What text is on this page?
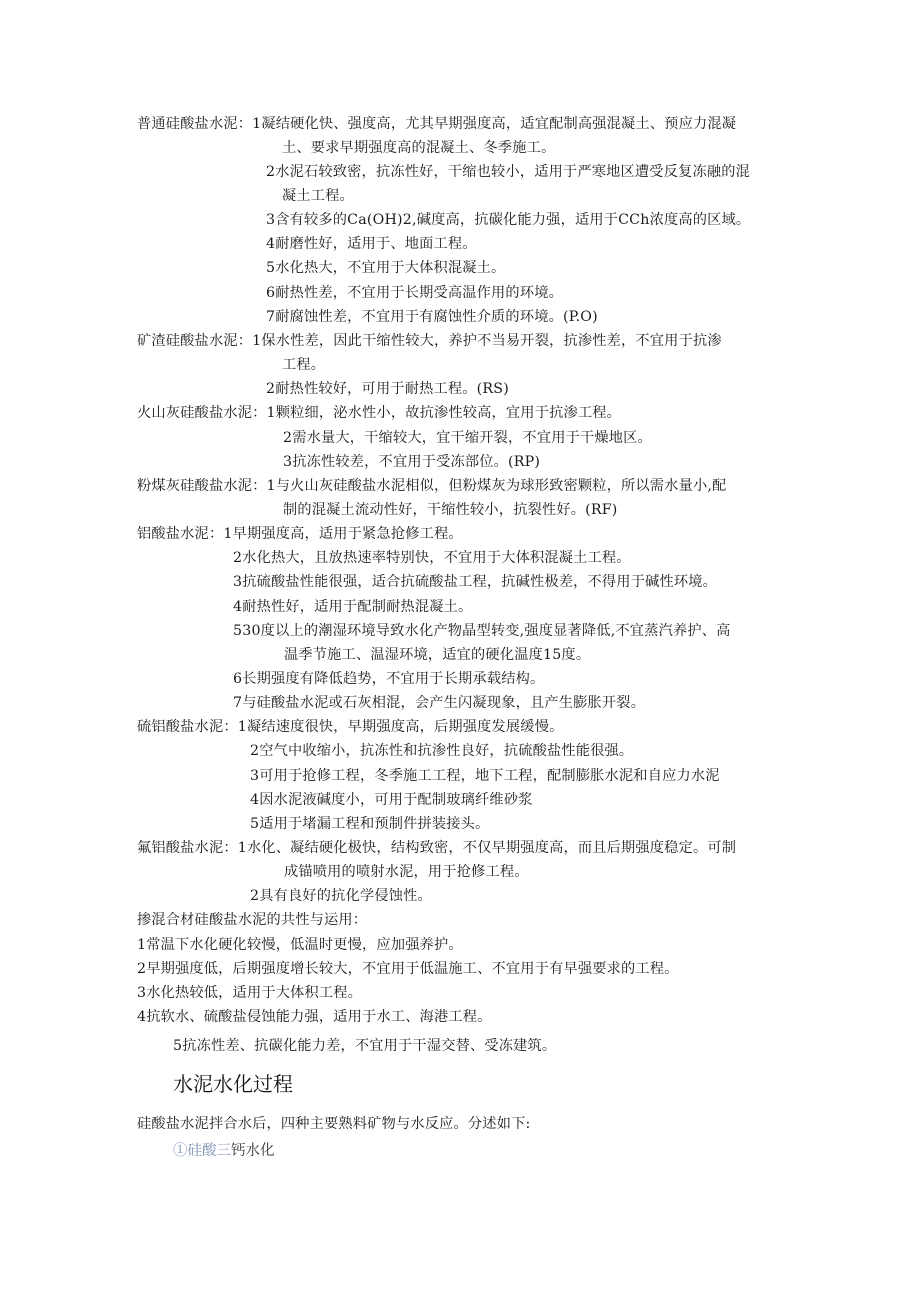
普通硅酸盐水泥：1凝结硬化快、强度高，尤其早期强度高，适宜配制高强混凝土、预应力混凝
土、要求早期强度高的混凝土、冬季施工。
2水泥石较致密，抗冻性好，干缩也较小，适用于严寒地区遭受反复冻融的混
凝土工程。
3含有较多的Ca(OH)2,碱度高，抗碳化能力强，适用于CCh浓度高的区域。
4耐磨性好，适用于、地面工程。
5水化热大，不宜用于大体积混凝土。
6耐热性差，不宜用于长期受高温作用的环境。
7耐腐蚀性差，不宜用于有腐蚀性介质的环境。(P.O)
矿渣硅酸盐水泥：1保水性差，因此干缩性较大，养护不当易开裂，抗渗性差，不宜用于抗渗
工程。
2耐热性较好，可用于耐热工程。(RS)
火山灰硅酸盐水泥：1颗粒细，泌水性小，故抗渗性较高，宜用于抗渗工程。
2需水量大，干缩较大，宜干缩开裂，不宜用于干燥地区。
3抗冻性较差，不宜用于受冻部位。(RP)
粉煤灰硅酸盐水泥：1与火山灰硅酸盐水泥相似，但粉煤灰为球形致密颗粒，所以需水量小,配
制的混凝土流动性好，干缩性较小，抗裂性好。(RF)
铝酸盐水泥：1早期强度高，适用于紧急抢修工程。
2水化热大，且放热速率特别快，不宜用于大体积混凝土工程。
3抗硫酸盐性能很强，适合抗硫酸盐工程，抗碱性极差，不得用于碱性环境。
4耐热性好，适用于配制耐热混凝土。
530度以上的潮湿环境导致水化产物晶型转变,强度显著降低,不宜蒸汽养护、高
温季节施工、温湿环境，适宜的硬化温度15度。
6长期强度有降低趋势，不宜用于长期承载结构。
7与硅酸盐水泥或石灰相混，会产生闪凝现象，且产生膨胀开裂。
硫铝酸盐水泥：1凝结速度很快，早期强度高，后期强度发展缓慢。
2空气中收缩小，抗冻性和抗渗性良好，抗硫酸盐性能很强。
3可用于抢修工程，冬季施工工程，地下工程，配制膨胀水泥和自应力水泥
4因水泥液碱度小，可用于配制玻璃纤维砂浆
5适用于堵漏工程和预制件拼装接头。
氟铝酸盐水泥：1水化、凝结硬化极快，结构致密，不仅早期强度高，而且后期强度稳定。可制
成锚喷用的喷射水泥，用于抢修工程。
2具有良好的抗化学侵蚀性。
掺混合材硅酸盐水泥的共性与运用：
1常温下水化硬化较慢，低温时更慢，应加强养护。
2早期强度低，后期强度增长较大，不宜用于低温施工、不宜用于有早强要求的工程。
3水化热较低，适用于大体积工程。
4抗软水、硫酸盐侵蚀能力强，适用于水工、海港工程。
5抗冻性差、抗碳化能力差，不宜用于干湿交替、受冻建筑。
水泥水化过程
硅酸盐水泥拌合水后，四种主要熟料矿物与水反应。分述如下:
①硅酸三钙水化
